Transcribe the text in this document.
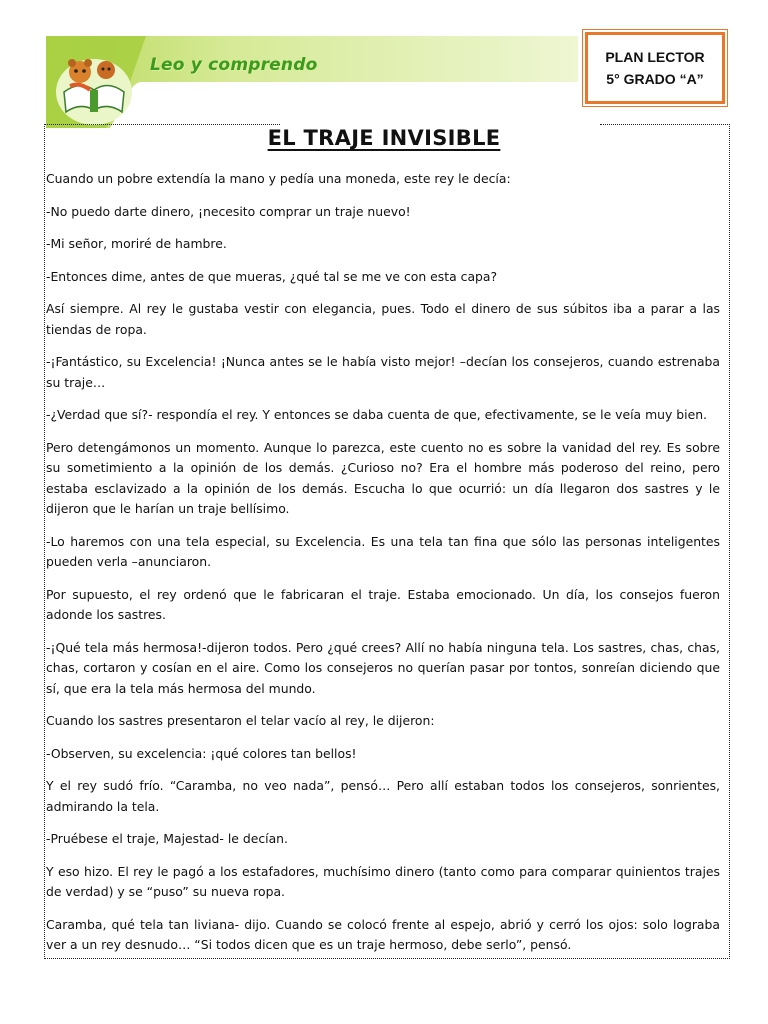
Leo y comprendo	PLAN LECTOR
5° GRADO “A”
EL TRAJE INVISIBLE

Cuando un pobre extendía la mano y pedía una moneda, este rey le decía:

-No puedo darte dinero, ¡necesito comprar un traje nuevo!

-Mi señor, moriré de hambre.

-Entonces dime, antes de que mueras, ¿qué tal se me ve con esta capa?

Así siempre. Al rey le gustaba vestir con elegancia, pues. Todo el dinero de sus súbitos iba a parar a las tiendas de ropa.

-¡Fantástico, su Excelencia! ¡Nunca antes se le había visto mejor! –decían los consejeros, cuando estrenaba su traje…

-¿Verdad que sí?- respondía el rey. Y entonces se daba cuenta de que, efectivamente, se le veía muy bien.

Pero detengámonos un momento. Aunque lo parezca, este cuento no es sobre la vanidad del rey. Es sobre su sometimiento a la opinión de los demás. ¿Curioso no? Era el hombre más poderoso del reino, pero estaba esclavizado a la opinión de los demás. Escucha lo que ocurrió: un día llegaron dos sastres y le dijeron que le harían un traje bellísimo.

-Lo haremos con una tela especial, su Excelencia. Es una tela tan fina que sólo las personas inteligentes pueden verla –anunciaron.

Por supuesto, el rey ordenó que le fabricaran el traje. Estaba emocionado. Un día, los consejos fueron adonde los sastres.

-¡Qué tela más hermosa!-dijeron todos. Pero ¿qué crees? Allí no había ninguna tela. Los sastres, chas, chas, chas, cortaron y cosían en el aire. Como los consejeros no querían pasar por tontos, sonreían diciendo que sí, que era la tela más hermosa del mundo.

Cuando los sastres presentaron el telar vacío al rey, le dijeron:

-Observen, su excelencia: ¡qué colores tan bellos!

Y el rey sudó frío. “Caramba, no veo nada”, pensó… Pero allí estaban todos los consejeros, sonrientes, admirando la tela.

-Pruébese el traje, Majestad- le decían.

Y eso hizo. El rey le pagó a los estafadores, muchísimo dinero (tanto como para comparar quinientos trajes de verdad) y se “puso” su nueva ropa.

Caramba, qué tela tan liviana- dijo. Cuando se colocó frente al espejo, abrió y cerró los ojos: solo lograba ver a un rey desnudo… “Si todos dicen que es un traje hermoso, debe serlo”, pensó.
